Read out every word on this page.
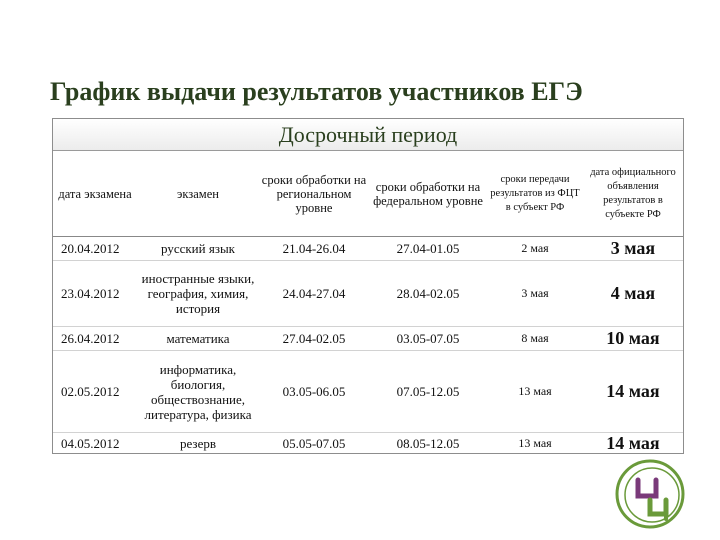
График выдачи результатов участников ЕГЭ
Досрочный период
дата экзамена	экзамен	сроки обработки на региональном уровне	сроки обработки на федеральном уровне	сроки передачи результатов из ФЦТ в субъект РФ	дата официального объявления результатов в субъекте РФ
20.04.2012	русский язык	21.04-26.04	27.04-01.05	2 мая	3 мая
23.04.2012	иностранные языки, география, химия, история	24.04-27.04	28.04-02.05	3 мая	4 мая
26.04.2012	математика	27.04-02.05	03.05-07.05	8 мая	10 мая
02.05.2012	информатика, биология, обществознание, литература, физика	03.05-06.05	07.05-12.05	13 мая	14 мая
04.05.2012	резерв	05.05-07.05	08.05-12.05	13 мая	14 мая
